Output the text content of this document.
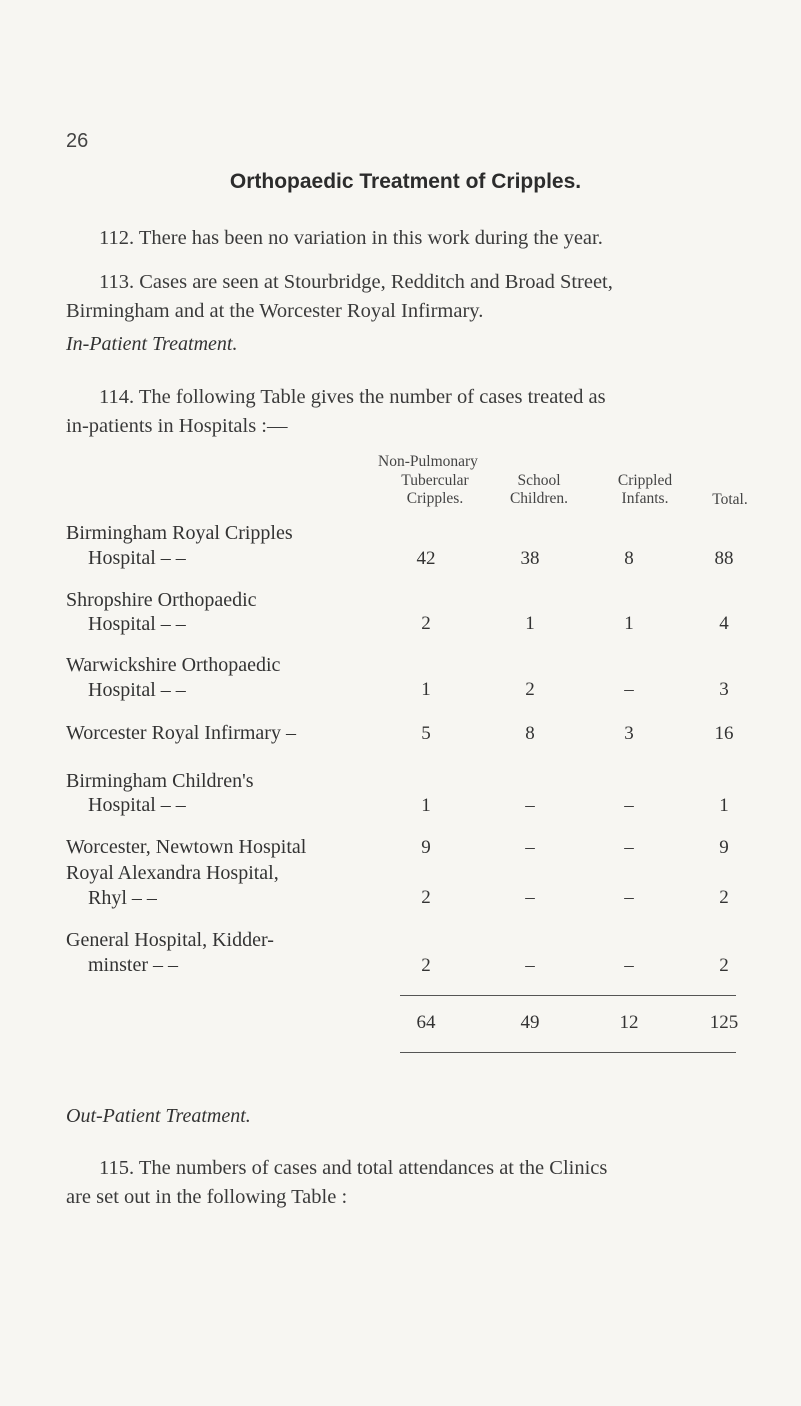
26
Orthopaedic Treatment of Cripples.
112. There has been no variation in this work during the year.
113. Cases are seen at Stourbridge, Redditch and Broad Street,
Birmingham and at the Worcester Royal Infirmary.
In-Patient Treatment.
114. The following Table gives the number of cases treated as
in-patients in Hospitals :—
Non-Pulmonary
Tubercular
Cripples.
School
Children.
Crippled
Infants.	Total.
Birmingham Royal Cripples
Hospital – –	42	38	8	88
Shropshire Orthopaedic
Hospital – –	2	1	1	4
Warwickshire Orthopaedic
Hospital – –	1	2	–	3
Worcester Royal Infirmary –	5	8	3	16
Birmingham Children's
Hospital – –	1	–	–	1
Worcester, Newtown Hospital	9	–	–	9
Royal Alexandra Hospital,
Rhyl – –	2	–	–	2
General Hospital, Kidder-
minster – –	2	–	–	2
64	49	12	125
Out-Patient Treatment.
115. The numbers of cases and total attendances at the Clinics
are set out in the following Table :
